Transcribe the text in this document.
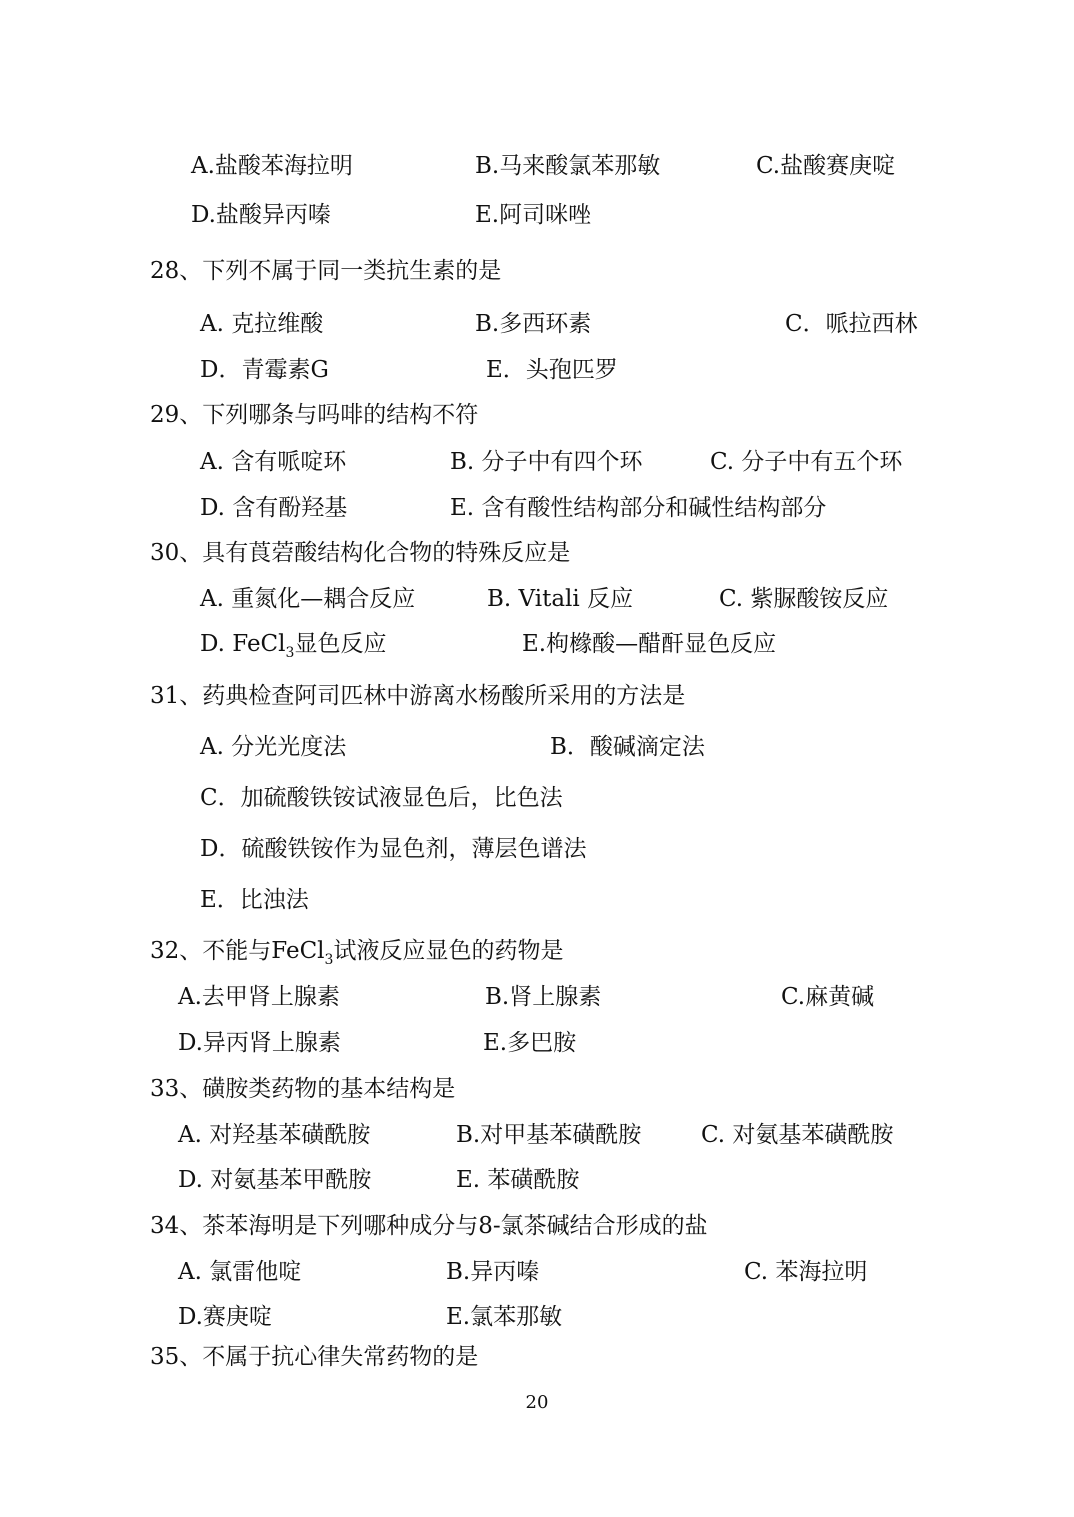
A.盐酸苯海拉明	B.马来酸氯苯那敏	C.盐酸赛庚啶
D.盐酸异丙嗪	E.阿司咪唑
28、下列不属于同一类抗生素的是
A. 克拉维酸	B.多西环素	C．哌拉西林
D．青霉素G	E．头孢匹罗
29、下列哪条与吗啡的结构不符
A. 含有哌啶环	B. 分子中有四个环	C. 分子中有五个环
D. 含有酚羟基	E. 含有酸性结构部分和碱性结构部分
30、具有莨菪酸结构化合物的特殊反应是
A. 重氮化—耦合反应	B. Vitali 反应	C. 紫脲酸铵反应
D. FeCl$_3$显色反应	E.枸橼酸—醋酐显色反应
31、药典检查阿司匹林中游离水杨酸所采用的方法是
A. 分光光度法	B．酸碱滴定法
C．加硫酸铁铵试液显色后，比色法
D．硫酸铁铵作为显色剂，薄层色谱法
E．比浊法
32、不能与FeCl$_3$试液反应显色的药物是
A.去甲肾上腺素	B.肾上腺素	C.麻黄碱
D.异丙肾上腺素	E.多巴胺
33、磺胺类药物的基本结构是
A. 对羟基苯磺酰胺	B.对甲基苯磺酰胺	C. 对氨基苯磺酰胺
D. 对氨基苯甲酰胺	E. 苯磺酰胺
34、茶苯海明是下列哪种成分与8-氯茶碱结合形成的盐
A. 氯雷他啶	B.异丙嗪	C. 苯海拉明
D.赛庚啶	E.氯苯那敏
35、不属于抗心律失常药物的是
20
